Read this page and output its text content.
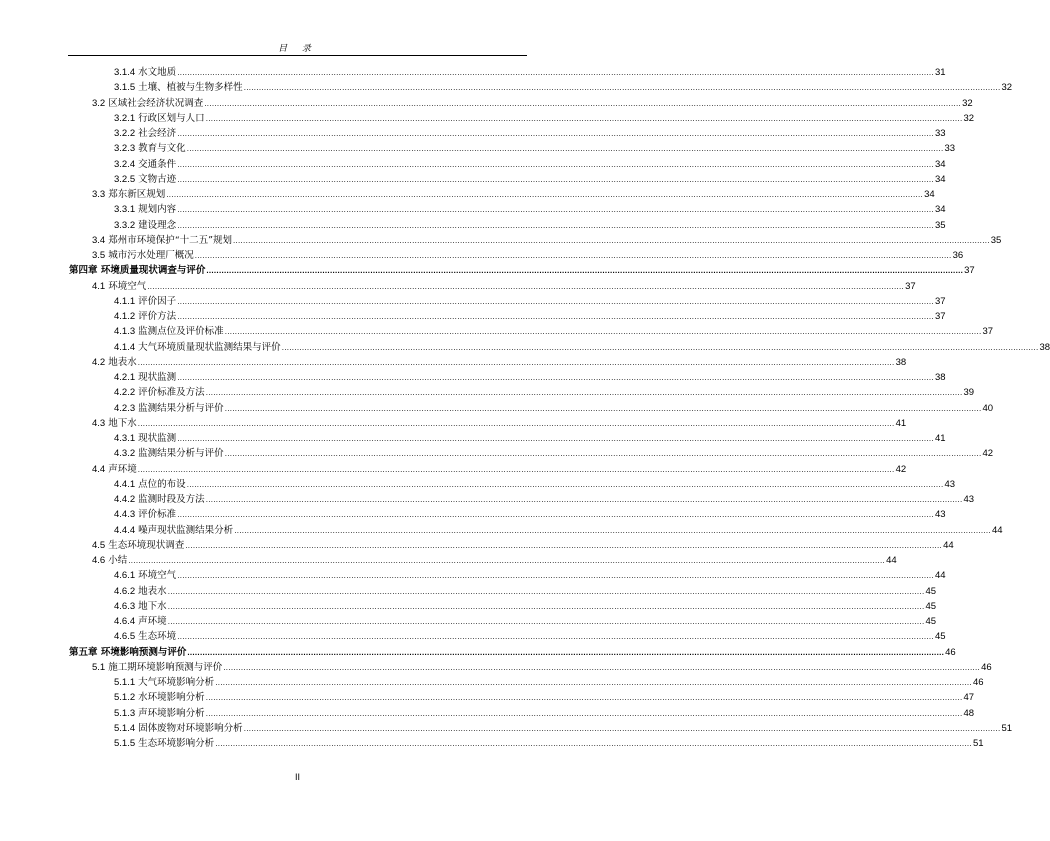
目 录
3.1.4 水文地质 ............................................................................................................................................................................................................................................................................................................ 31
3.1.5 土壤、植被与生物多样性 ............................................................................................................................................................................................................................................................................................................ 32
3.2 区域社会经济状况调查 ............................................................................................................................................................................................................................................................................................................ 32
3.2.1 行政区划与人口 ............................................................................................................................................................................................................................................................................................................ 32
3.2.2 社会经济 ............................................................................................................................................................................................................................................................................................................ 33
3.2.3 教育与文化 ............................................................................................................................................................................................................................................................................................................ 33
3.2.4 交通条件 ............................................................................................................................................................................................................................................................................................................ 34
3.2.5 文物古迹 ............................................................................................................................................................................................................................................................................................................ 34
3.3 郑东新区规划 ............................................................................................................................................................................................................................................................................................................ 34
3.3.1 规划内容 ............................................................................................................................................................................................................................................................................................................ 34
3.3.2 建设理念 ............................................................................................................................................................................................................................................................................................................ 35
3.4 郑州市环境保护“十二五”规划 ............................................................................................................................................................................................................................................................................................................ 35
3.5 城市污水处理厂概况 ............................................................................................................................................................................................................................................................................................................ 36
第四章 环境质量现状调查与评价 ............................................................................................................................................................................................................................................................................................................ 37
4.1 环境空气 ............................................................................................................................................................................................................................................................................................................ 37
4.1.1 评价因子 ............................................................................................................................................................................................................................................................................................................ 37
4.1.2 评价方法 ............................................................................................................................................................................................................................................................................................................ 37
4.1.3 监测点位及评价标准 ............................................................................................................................................................................................................................................................................................................ 37
4.1.4 大气环境质量现状监测结果与评价 ............................................................................................................................................................................................................................................................................................................ 38
4.2 地表水 ............................................................................................................................................................................................................................................................................................................ 38
4.2.1 现状监测 ............................................................................................................................................................................................................................................................................................................ 38
4.2.2 评价标准及方法 ............................................................................................................................................................................................................................................................................................................ 39
4.2.3 监测结果分析与评价 ............................................................................................................................................................................................................................................................................................................ 40
4.3 地下水 ............................................................................................................................................................................................................................................................................................................ 41
4.3.1 现状监测 ............................................................................................................................................................................................................................................................................................................ 41
4.3.2 监测结果分析与评价 ............................................................................................................................................................................................................................................................................................................ 42
4.4 声环境 ............................................................................................................................................................................................................................................................................................................ 42
4.4.1 点位的布设 ............................................................................................................................................................................................................................................................................................................ 43
4.4.2 监测时段及方法 ............................................................................................................................................................................................................................................................................................................ 43
4.4.3 评价标准 ............................................................................................................................................................................................................................................................................................................ 43
4.4.4 噪声现状监测结果分析 ............................................................................................................................................................................................................................................................................................................ 44
4.5 生态环境现状调查 ............................................................................................................................................................................................................................................................................................................ 44
4.6 小结 ............................................................................................................................................................................................................................................................................................................ 44
4.6.1 环境空气 ............................................................................................................................................................................................................................................................................................................ 44
4.6.2 地表水 ............................................................................................................................................................................................................................................................................................................ 45
4.6.3 地下水 ............................................................................................................................................................................................................................................................................................................ 45
4.6.4 声环境 ............................................................................................................................................................................................................................................................................................................ 45
4.6.5 生态环境 ............................................................................................................................................................................................................................................................................................................ 45
第五章 环境影响预测与评价 ............................................................................................................................................................................................................................................................................................................ 46
5.1 施工期环境影响预测与评价 ............................................................................................................................................................................................................................................................................................................ 46
5.1.1 大气环境影响分析 ............................................................................................................................................................................................................................................................................................................ 46
5.1.2 水环境影响分析 ............................................................................................................................................................................................................................................................................................................ 47
5.1.3 声环境影响分析 ............................................................................................................................................................................................................................................................................................................ 48
5.1.4 固体废物对环境影响分析 ............................................................................................................................................................................................................................................................................................................ 51
5.1.5 生态环境影响分析 ............................................................................................................................................................................................................................................................................................................ 51
II
